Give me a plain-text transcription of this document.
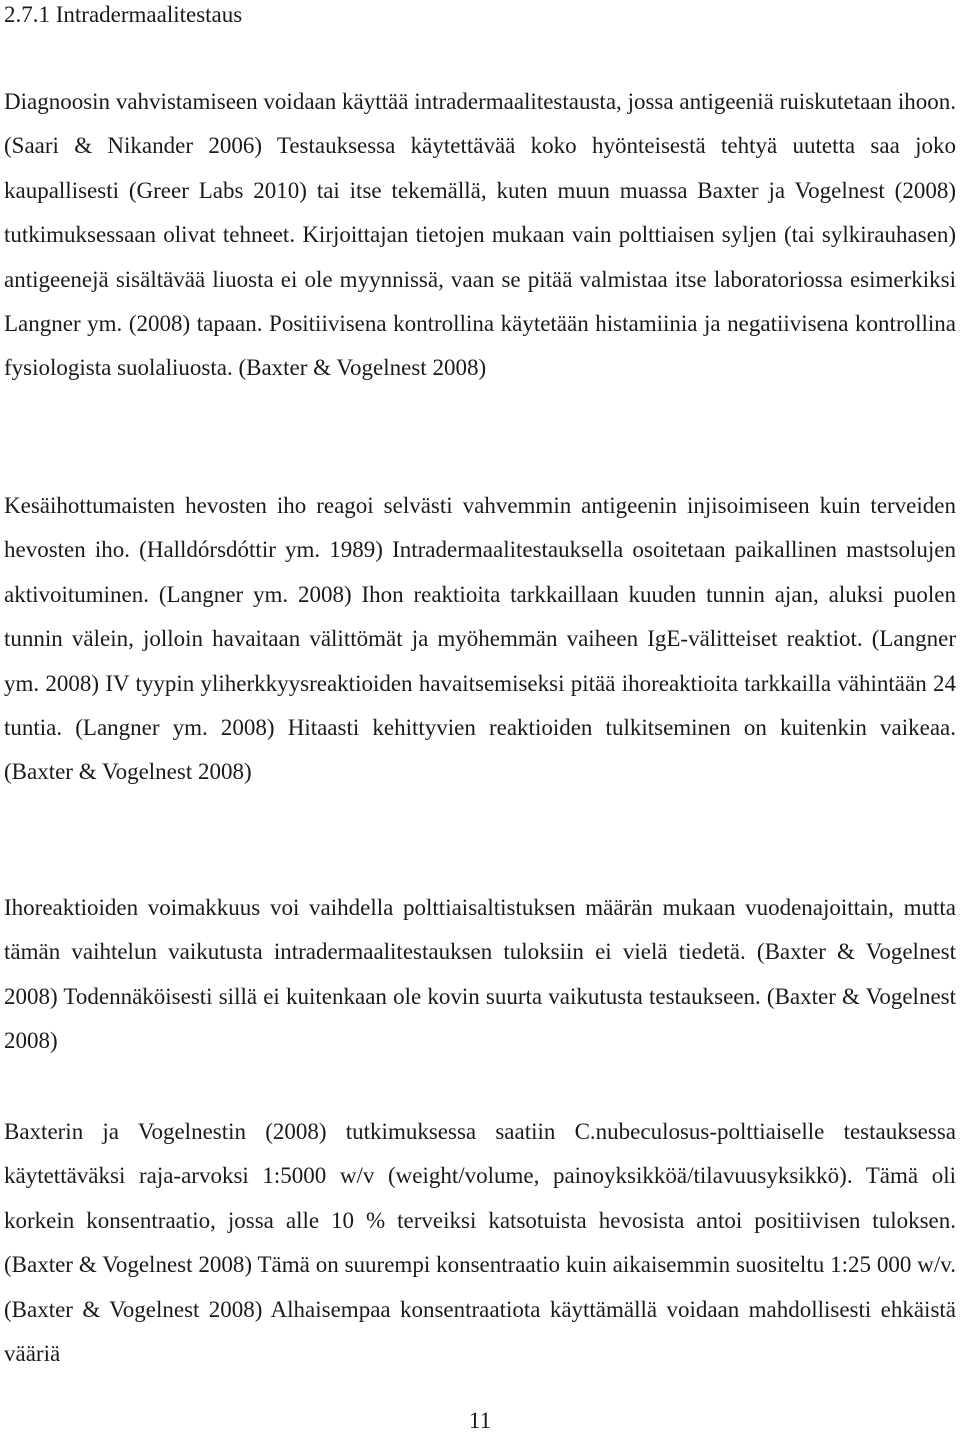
2.7.1 Intradermaalitestaus

Diagnoosin vahvistamiseen voidaan käyttää intradermaalitestausta, jossa antigeeniä ruiskutetaan ihoon. (Saari & Nikander 2006) Testauksessa käytettävää koko hyönteisestä tehtyä uutetta saa joko kaupallisesti (Greer Labs 2010) tai itse tekemällä, kuten muun muassa Baxter ja Vogelnest (2008) tutkimuksessaan olivat tehneet. Kirjoittajan tietojen mukaan vain polttiaisen syljen (tai sylkirauhasen) antigeenejä sisältävää liuosta ei ole myynnissä, vaan se pitää valmistaa itse laboratoriossa esimerkiksi Langner ym. (2008) tapaan. Positiivisena kontrollina käytetään histamiinia ja negatiivisena kontrollina fysiologista suolaliuosta. (Baxter & Vogelnest 2008)

Kesäihottumaisten hevosten iho reagoi selvästi vahvemmin antigeenin injisoimiseen kuin terveiden hevosten iho. (Halldórsdóttir ym. 1989) Intradermaalitestauksella osoitetaan paikallinen mastsolujen aktivoituminen. (Langner ym. 2008) Ihon reaktioita tarkkaillaan kuuden tunnin ajan, aluksi puolen tunnin välein, jolloin havaitaan välittömät ja myöhemmän vaiheen IgE-välitteiset reaktiot. (Langner ym. 2008) IV tyypin yliherkkyysreaktioiden havaitsemiseksi pitää ihoreaktioita tarkkailla vähintään 24 tuntia. (Langner ym. 2008) Hitaasti kehittyvien reaktioiden tulkitseminen on kuitenkin vaikeaa. (Baxter & Vogelnest 2008)

Ihoreaktioiden voimakkuus voi vaihdella polttiaisaltistuksen määrän mukaan vuodenajoittain, mutta tämän vaihtelun vaikutusta intradermaalitestauksen tuloksiin ei vielä tiedetä. (Baxter & Vogelnest 2008) Todennäköisesti sillä ei kuitenkaan ole kovin suurta vaikutusta testaukseen. (Baxter & Vogelnest 2008)

Baxterin ja Vogelnestin (2008) tutkimuksessa saatiin C.nubeculosus-polttiaiselle testauksessa käytettäväksi raja-arvoksi 1:5000 w/v (weight/volume, painoyksikköä/tilavuusyksikkö). Tämä oli korkein konsentraatio, jossa alle 10 % terveiksi katsotuista hevosista antoi positiivisen tuloksen. (Baxter & Vogelnest 2008) Tämä on suurempi konsentraatio kuin aikaisemmin suositeltu 1:25 000 w/v. (Baxter & Vogelnest 2008) Alhaisempaa konsentraatiota käyttämällä voidaan mahdollisesti ehkäistä vääriä

11
